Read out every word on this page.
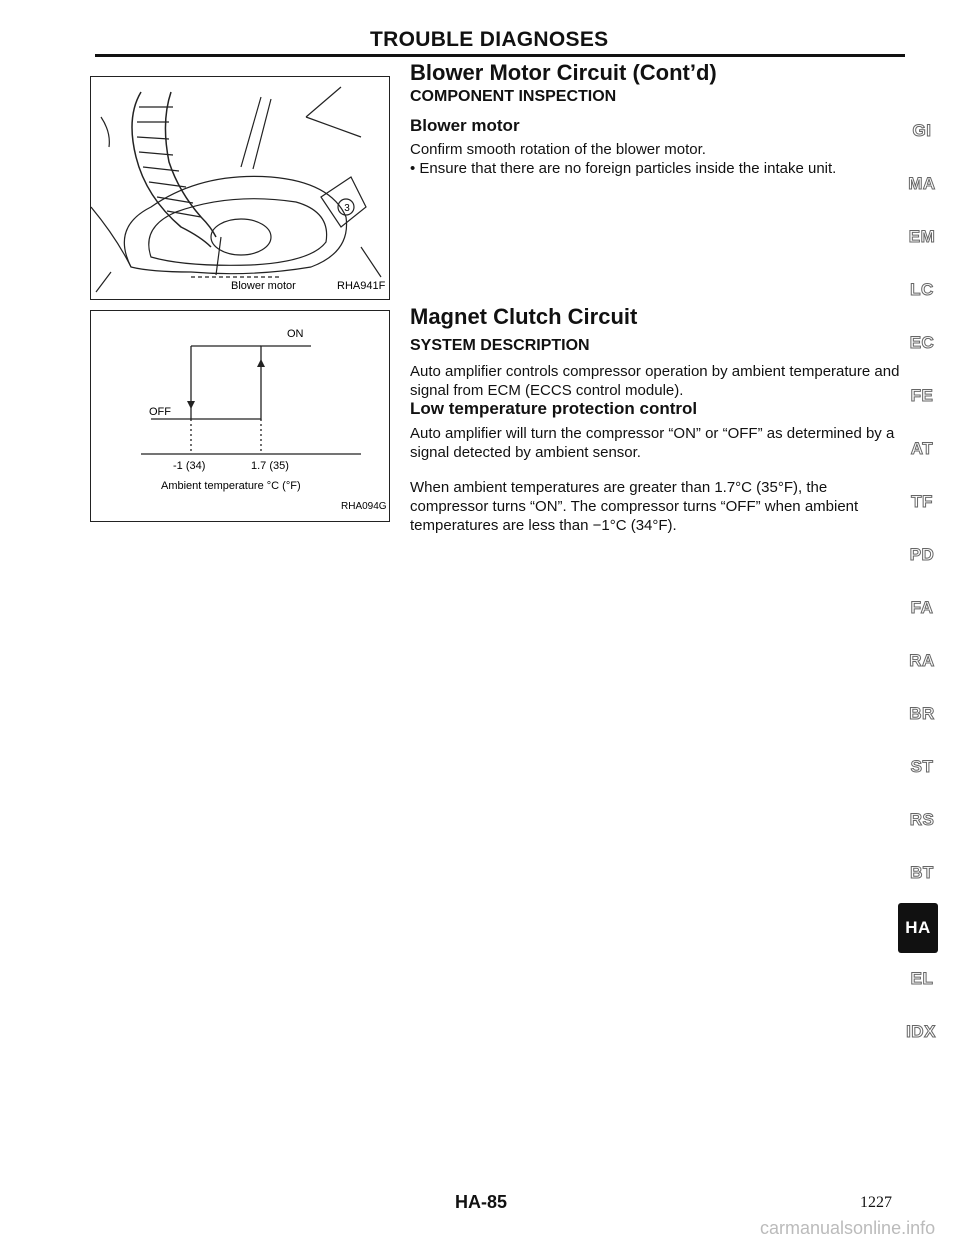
TROUBLE DIAGNOSES
3
Blower motor	RHA941F
ON
OFF
-1 (34)	1.7 (35)
Ambient temperature °C (°F)
RHA094G
Blower Motor Circuit (Cont’d)
COMPONENT INSPECTION
Blower motor

Confirm smooth rotation of the blower motor.

• Ensure that there are no foreign particles inside the intake unit.

Magnet Clutch Circuit
SYSTEM DESCRIPTION

Auto amplifier controls compressor operation by ambient temperature and signal from ECM (ECCS control module).

Low temperature protection control

Auto amplifier will turn the compressor “ON” or “OFF” as determined by a signal detected by ambient sensor.

When ambient temperatures are greater than 1.7°C (35°F), the compressor turns “ON”. The compressor turns “OFF” when ambient temperatures are less than −1°C (34°F).

GI
MA
EM
LC
EC
FE
AT
TF
PD
FA
RA
BR
ST
RS
BT
HA
EL
IDX
HA-85	1227
carmanualsonline.info
